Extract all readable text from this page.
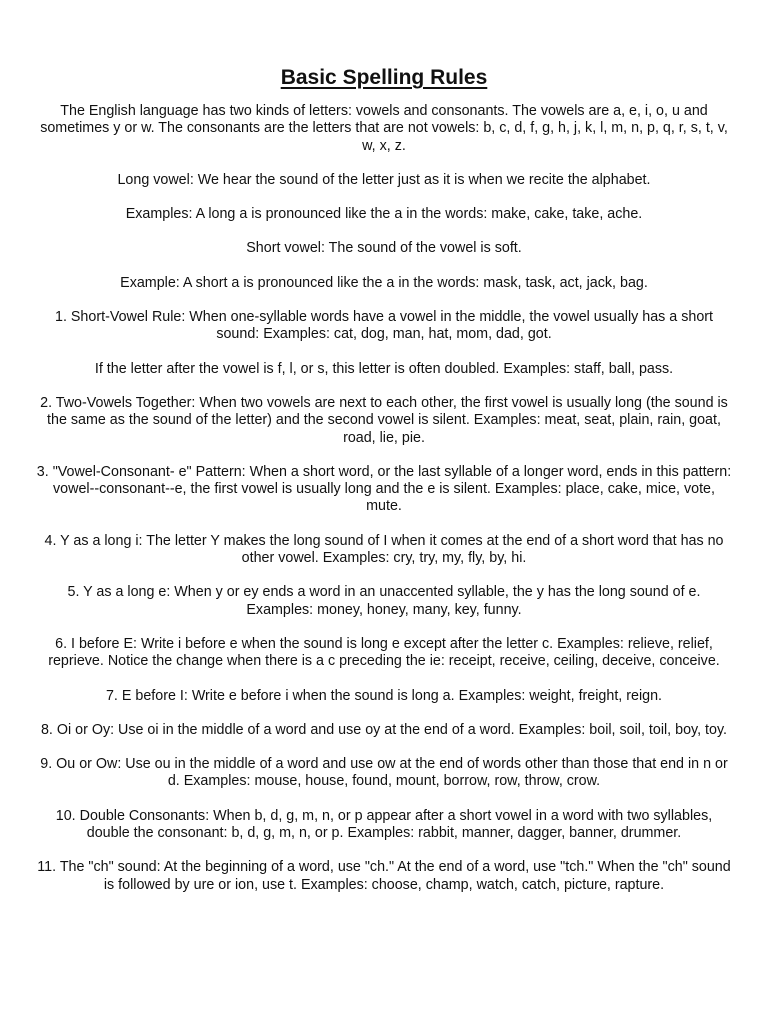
Basic Spelling Rules

The English language has two kinds of letters: vowels and consonants. The vowels are a, e, i, o, u and sometimes y or w. The consonants are the letters that are not vowels: b, c, d, f, g, h, j, k, l, m, n, p, q, r, s, t, v, w, x, z.

Long vowel: We hear the sound of the letter just as it is when we recite the alphabet.

Examples: A long a is pronounced like the a in the words: make, cake, take, ache.

Short vowel: The sound of the vowel is soft.

Example: A short a is pronounced like the a in the words: mask, task, act, jack, bag.

1. Short-Vowel Rule: When one-syllable words have a vowel in the middle, the vowel usually has a short sound: Examples: cat, dog, man, hat, mom, dad, got.

If the letter after the vowel is f, l, or s, this letter is often doubled. Examples: staff, ball, pass.

2. Two-Vowels Together: When two vowels are next to each other, the first vowel is usually long (the sound is the same as the sound of the letter) and the second vowel is silent. Examples: meat, seat, plain, rain, goat, road, lie, pie.

3. "Vowel-Consonant- e" Pattern: When a short word, or the last syllable of a longer word, ends in this pattern: vowel--consonant--e, the first vowel is usually long and the e is silent. Examples: place, cake, mice, vote, mute.

4. Y as a long i: The letter Y makes the long sound of I when it comes at the end of a short word that has no other vowel. Examples: cry, try, my, fly, by, hi.

5. Y as a long e: When y or ey ends a word in an unaccented syllable, the y has the long sound of e. Examples: money, honey, many, key, funny.

6. I before E: Write i before e when the sound is long e except after the letter c. Examples: relieve, relief, reprieve. Notice the change when there is a c preceding the ie: receipt, receive, ceiling, deceive, conceive.

7. E before I: Write e before i when the sound is long a. Examples: weight, freight, reign.

8. Oi or Oy: Use oi in the middle of a word and use oy at the end of a word. Examples: boil, soil, toil, boy, toy.

9. Ou or Ow: Use ou in the middle of a word and use ow at the end of words other than those that end in n or d. Examples: mouse, house, found, mount, borrow, row, throw, crow.

10. Double Consonants: When b, d, g, m, n, or p appear after a short vowel in a word with two syllables, double the consonant: b, d, g, m, n, or p. Examples: rabbit, manner, dagger, banner, drummer.

11. The "ch" sound: At the beginning of a word, use "ch." At the end of a word, use "tch." When the "ch" sound is followed by ure or ion, use t. Examples: choose, champ, watch, catch, picture, rapture.
